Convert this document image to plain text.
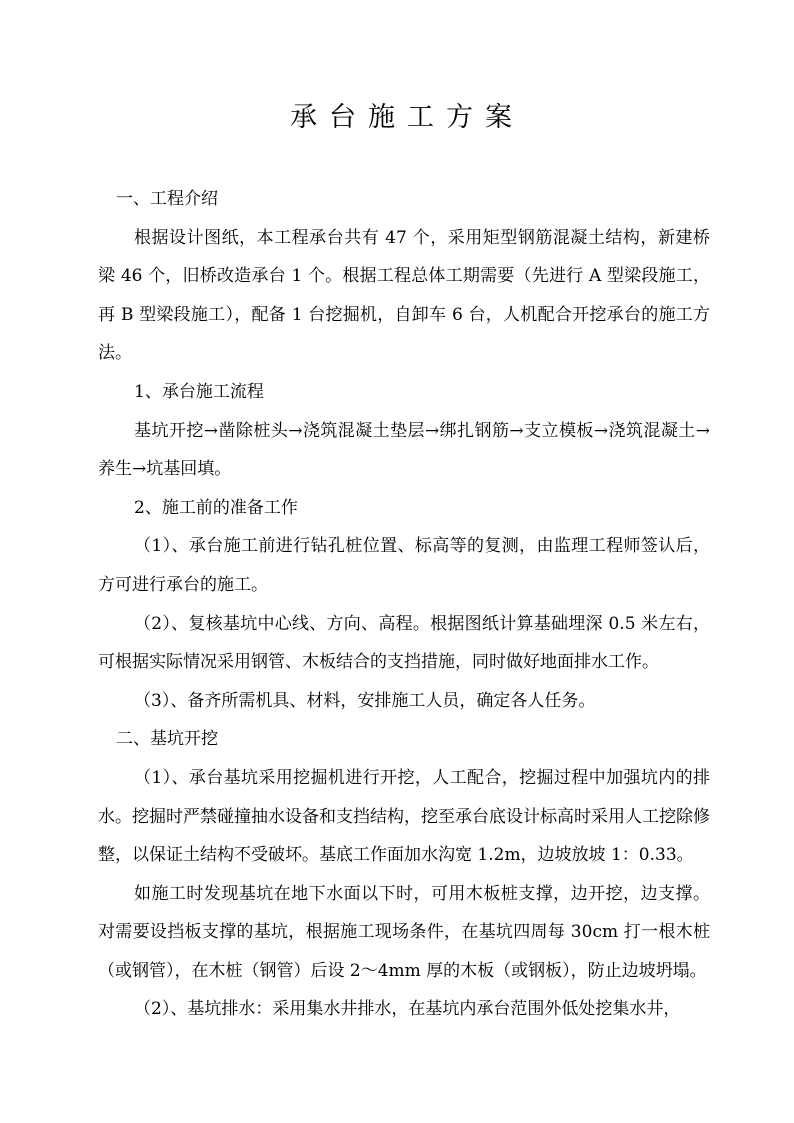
承台施工方案

一、工程介绍

根据设计图纸，本工程承台共有 47 个，采用矩型钢筋混凝土结构，新建桥梁 46 个，旧桥改造承台 1 个。根据工程总体工期需要（先进行 A 型梁段施工，再 B 型梁段施工），配备 1 台挖掘机，自卸车 6 台，人机配合开挖承台的施工方法。

1、承台施工流程

基坑开挖→凿除桩头→浇筑混凝土垫层→绑扎钢筋→支立模板→浇筑混凝土→养生→坑基回填。

2、施工前的准备工作

（1）、承台施工前进行钻孔桩位置、标高等的复测，由监理工程师签认后，方可进行承台的施工。

（2）、复核基坑中心线、方向、高程。根据图纸计算基础埋深 0.5 米左右，可根据实际情况采用钢管、木板结合的支挡措施，同时做好地面排水工作。

（3）、备齐所需机具、材料，安排施工人员，确定各人任务。

二、基坑开挖

（1）、承台基坑采用挖掘机进行开挖，人工配合，挖掘过程中加强坑内的排水。挖掘时严禁碰撞抽水设备和支挡结构，挖至承台底设计标高时采用人工挖除修整，以保证土结构不受破坏。基底工作面加水沟宽 1.2m，边坡放坡 1：0.33。

如施工时发现基坑在地下水面以下时，可用木板桩支撑，边开挖，边支撑。对需要设挡板支撑的基坑，根据施工现场条件，在基坑四周每 30cm 打一根木桩（或钢管），在木桩（钢管）后设 2～4mm 厚的木板（或钢板），防止边坡坍塌。

（2）、基坑排水：采用集水井排水，在基坑内承台范围外低处挖集水井，
